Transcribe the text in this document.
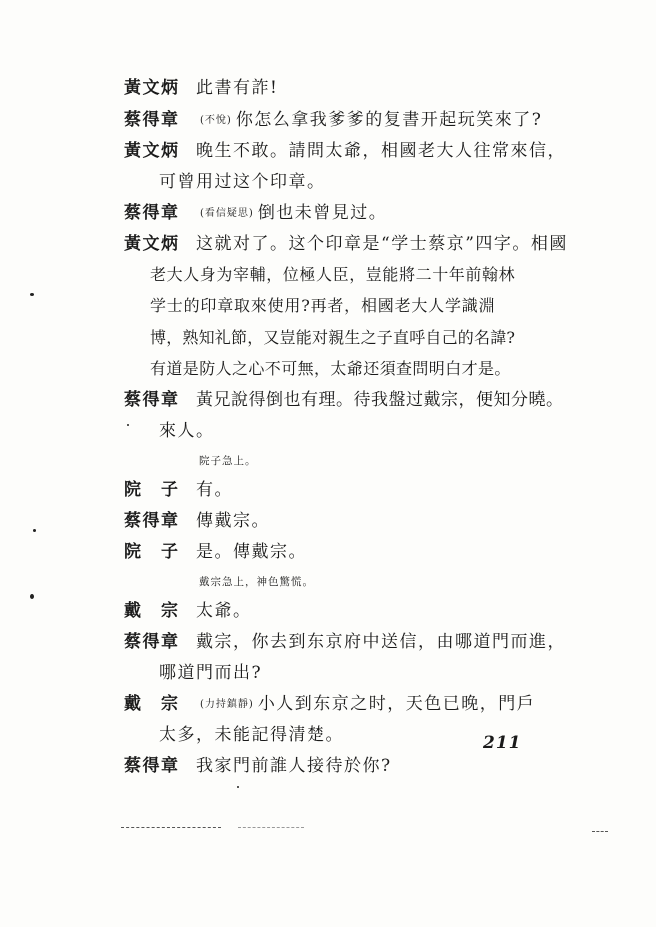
黃文炳 此書有詐!
蔡得章 (不悅) 你怎么拿我爹爹的复書开起玩笑來了?
黃文炳 晚生不敢。請問太爺，相國老大人往常來信，
可曾用过这个印章。
蔡得章 (看信疑思) 倒也未曾見过。
黃文炳 这就对了。这个印章是“学士蔡京”四字。相國
老大人身为宰輔，位極人臣，豈能將二十年前翰林
学士的印章取來使用?再者，相國老大人学識淵
博，熟知礼節，又豈能对親生之子直呼自己的名諱?
有道是防人之心不可無，太爺还須查問明白才是。
蔡得章 黃兄說得倒也有理。待我盤过戴宗，便知分曉。
來人。
院子急上。
院　子 有。
蔡得章 傳戴宗。
院　子 是。傳戴宗。
戴宗急上，神色驚慌。
戴　宗 太爺。
蔡得章 戴宗，你去到东京府中送信，由哪道門而進，
哪道門而出?
戴　宗 (力持鎮靜) 小人到东京之时，天色已晚，門戶
太多，未能記得清楚。
蔡得章 我家門前誰人接待於你?
211
